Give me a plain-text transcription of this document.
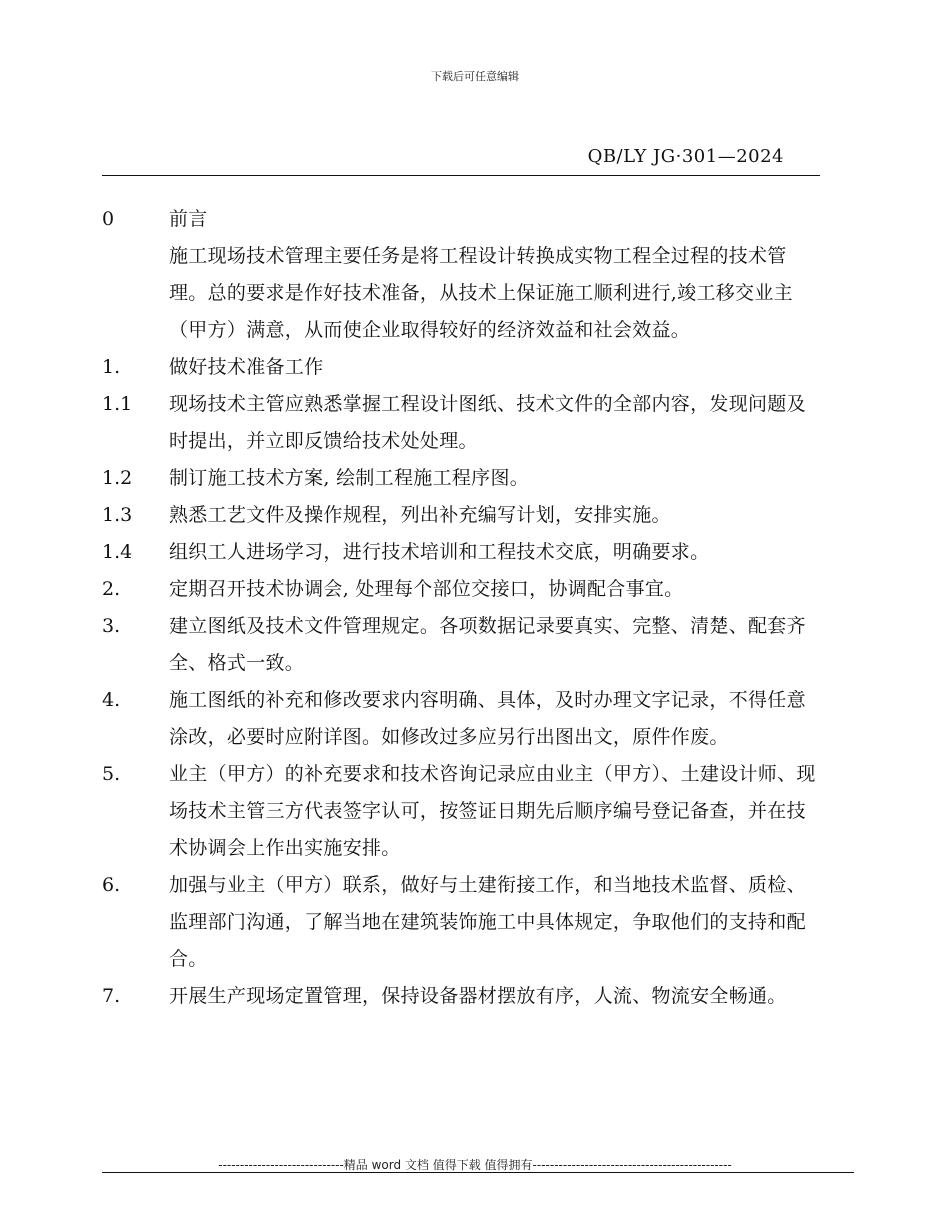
下载后可任意编辑
QB/LY JG·301—2024
0	前言
施工现场技术管理主要任务是将工程设计转换成实物工程全过程的技术管理。总的要求是作好技术准备，从技术上保证施工顺利进行,竣工移交业主（甲方）满意，从而使企业取得较好的经济效益和社会效益。
1.	做好技术准备工作
1.1	现场技术主管应熟悉掌握工程设计图纸、技术文件的全部内容，发现问题及时提出，并立即反馈给技术处处理。
1.2	制订施工技术方案, 绘制工程施工程序图。
1.3	熟悉工艺文件及操作规程，列出补充编写计划，安排实施。
1.4	组织工人进场学习，进行技术培训和工程技术交底，明确要求。
2.	定期召开技术协调会, 处理每个部位交接口，协调配合事宜。
3.	建立图纸及技术文件管理规定。各项数据记录要真实、完整、清楚、配套齐全、格式一致。
4.	施工图纸的补充和修改要求内容明确、具体，及时办理文字记录，不得任意涂改，必要时应附详图。如修改过多应另行出图出文，原件作废。
5.	业主（甲方）的补充要求和技术咨询记录应由业主（甲方）、土建设计师、现场技术主管三方代表签字认可，按签证日期先后顺序编号登记备查，并在技术协调会上作出实施安排。
6.	加强与业主（甲方）联系，做好与土建衔接工作，和当地技术监督、质检、监理部门沟通，了解当地在建筑装饰施工中具体规定，争取他们的支持和配合。
7.	开展生产现场定置管理，保持设备器材摆放有序，人流、物流安全畅通。
-----------------------------精品 word 文档 值得下载 值得拥有----------------------------------------------
